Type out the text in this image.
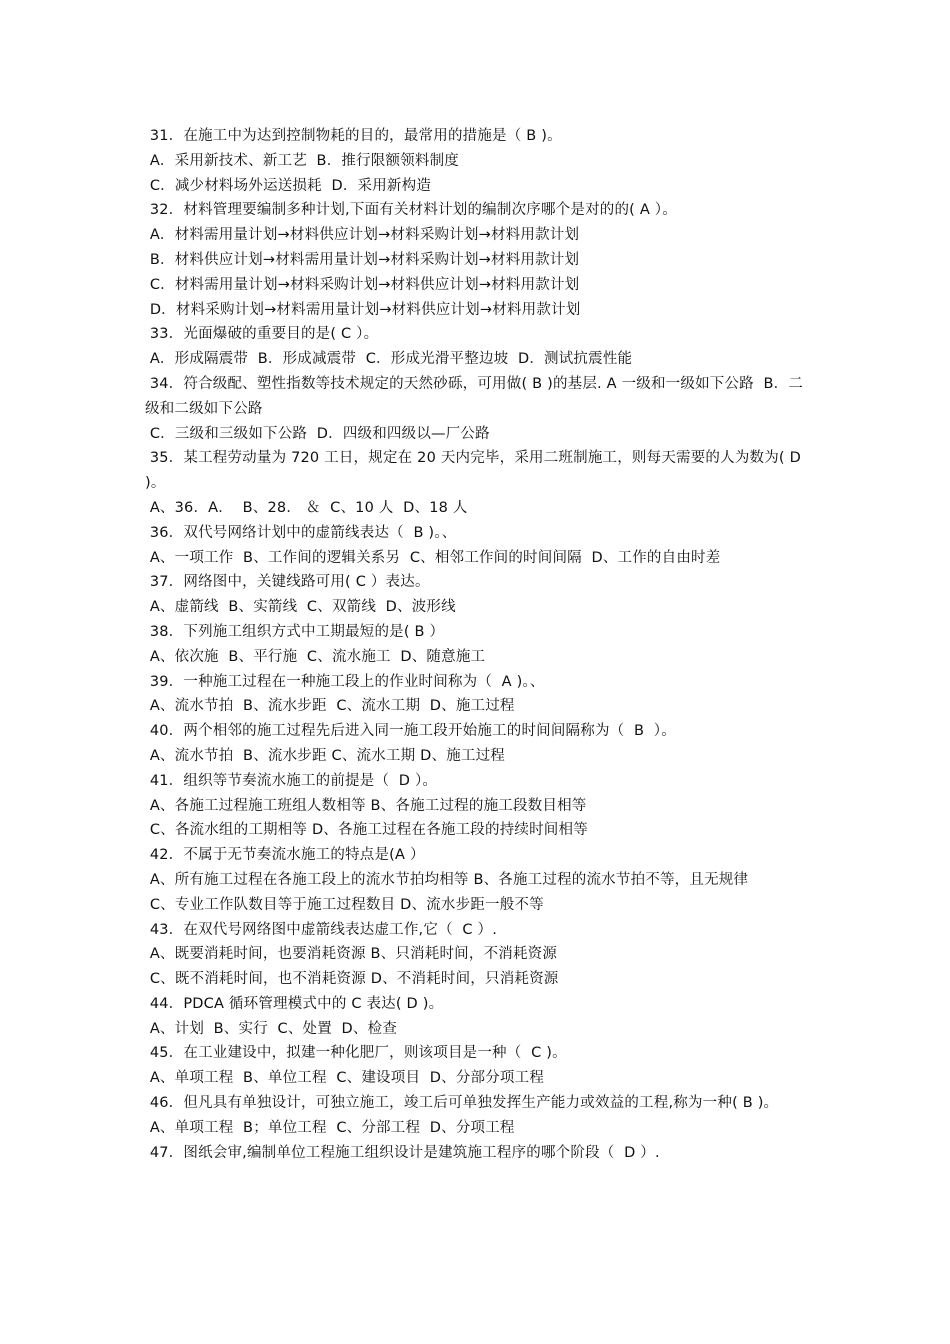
31．在施工中为达到控制物耗的目的，最常用的措施是（ B )。

A．采用新技术、新工艺  B．推行限额领料制度

C．减少材料场外运送损耗  D．采用新构造

32．材料管理要编制多种计划,下面有关材料计划的编制次序哪个是对的的( A ）。

A．材料需用量计划→材料供应计划→材料采购计划→材料用款计划

B．材料供应计划→材料需用量计划→材料采购计划→材料用款计划

C．材料需用量计划→材料采购计划→材料供应计划→材料用款计划

D．材料采购计划→材料需用量计划→材料供应计划→材料用款计划

33．光面爆破的重要目的是( C ）。

A．形成隔震带  B．形成减震带  C．形成光滑平整边坡  D．测试抗震性能

34．符合级配、塑性指数等技术规定的天然砂砾，可用做( B )的基层. A 一级和一级如下公路  B．二级和二级如下公路

C．三级和三级如下公路  D．四级和四级以—厂公路

35．某工程劳动量为 720 工日，规定在 20 天内完毕，采用二班制施工，则每天需要的人为数为( D )。

A、36．A．  B、28． ＆  C、10 人  D、18 人

36．双代号网络计划中的虚箭线表达（  B )。、

A、一项工作  B、工作间的逻辑关系另  C、相邻工作间的时间间隔  D、工作的自由时差

37．网络图中，关键线路可用( C ）表达。

A、虚箭线  B、实箭线  C、双箭线  D、波形线

38．下列施工组织方式中工期最短的是( B ）

A、依次施  B、平行施  C、流水施工  D、随意施工

39．一种施工过程在一种施工段上的作业时间称为（  A )。、

A、流水节拍  B、流水步距  C、流水工期  D、施工过程

40．两个相邻的施工过程先后进入同一施工段开始施工的时间间隔称为（  B  ）。

A、流水节拍  B、流水步距 C、流水工期 D、施工过程

41．组织等节奏流水施工的前提是（  D ）。

A、各施工过程施工班组人数相等 B、各施工过程的施工段数目相等

C、各流水组的工期相等 D、各施工过程在各施工段的持续时间相等

42．不属于无节奏流水施工的特点是(A ）

A、所有施工过程在各施工段上的流水节拍均相等 B、各施工过程的流水节拍不等，且无规律

C、专业工作队数目等于施工过程数目 D、流水步距一般不等

43．在双代号网络图中虚箭线表达虚工作,它（  C ）.

A、既要消耗时间，也要消耗资源 B、只消耗时间，不消耗资源

C、既不消耗时间，也不消耗资源 D、不消耗时间，只消耗资源

44．PDCA 循环管理模式中的 C 表达( D )。

A、计划  B、实行  C、处置  D、检查

45．在工业建设中，拟建一种化肥厂，则该项目是一种（  C )。

A、单项工程  B、单位工程  C、建设项目  D、分部分项工程

46．但凡具有单独设计，可独立施工，竣工后可单独发挥生产能力或效益的工程,称为一种( B )。

A、单项工程  B；单位工程  C、分部工程  D、分项工程

47．图纸会审,编制单位工程施工组织设计是建筑施工程序的哪个阶段（  D ）.
